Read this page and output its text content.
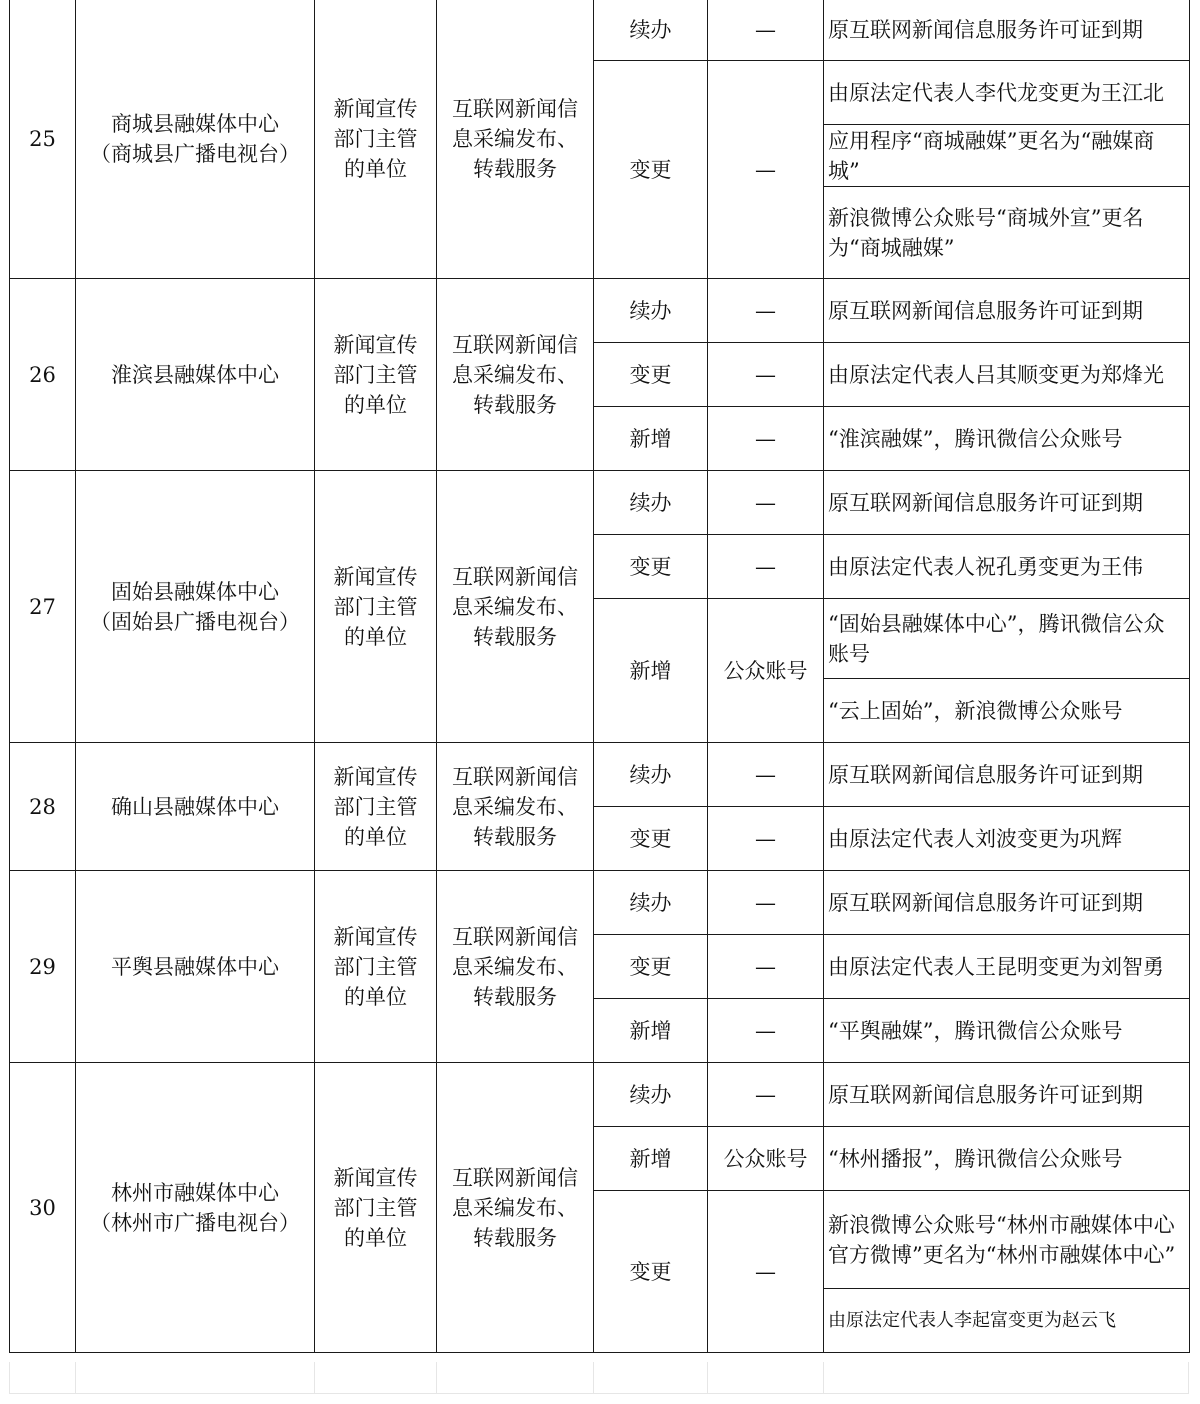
25	商城县融媒体中心
（商城县广播电视台）	新闻宣传
部门主管
的单位	互联网新闻信
息采编发布、
转载服务	续办	—	原互联网新闻信息服务许可证到期
				变更	—	由原法定代表人李代龙变更为王江北
						应用程序“商城融媒”更名为“融媒商城”
						新浪微博公众账号“商城外宣”更名为“商城融媒”
26	淮滨县融媒体中心	新闻宣传
部门主管
的单位	互联网新闻信
息采编发布、
转载服务	续办	—	原互联网新闻信息服务许可证到期
				变更	—	由原法定代表人吕其顺变更为郑烽光
				新增	—	“淮滨融媒”，腾讯微信公众账号
27	固始县融媒体中心
（固始县广播电视台）	新闻宣传
部门主管
的单位	互联网新闻信
息采编发布、
转载服务	续办	—	原互联网新闻信息服务许可证到期
				变更	—	由原法定代表人祝孔勇变更为王伟
				新增	公众账号	“固始县融媒体中心”，腾讯微信公众账号
						“云上固始”，新浪微博公众账号
28	确山县融媒体中心	新闻宣传
部门主管
的单位	互联网新闻信
息采编发布、
转载服务	续办	—	原互联网新闻信息服务许可证到期
				变更	—	由原法定代表人刘波变更为巩辉
29	平舆县融媒体中心	新闻宣传
部门主管
的单位	互联网新闻信
息采编发布、
转载服务	续办	—	原互联网新闻信息服务许可证到期
				变更	—	由原法定代表人王昆明变更为刘智勇
				新增	—	“平舆融媒”，腾讯微信公众账号
30	林州市融媒体中心
（林州市广播电视台）	新闻宣传
部门主管
的单位	互联网新闻信
息采编发布、
转载服务	续办	—	原互联网新闻信息服务许可证到期
				新增	公众账号	“林州播报”，腾讯微信公众账号
				变更	—	新浪微博公众账号“林州市融媒体中心官方微博”更名为“林州市融媒体中心”
						由原法定代表人李起富变更为赵云飞
